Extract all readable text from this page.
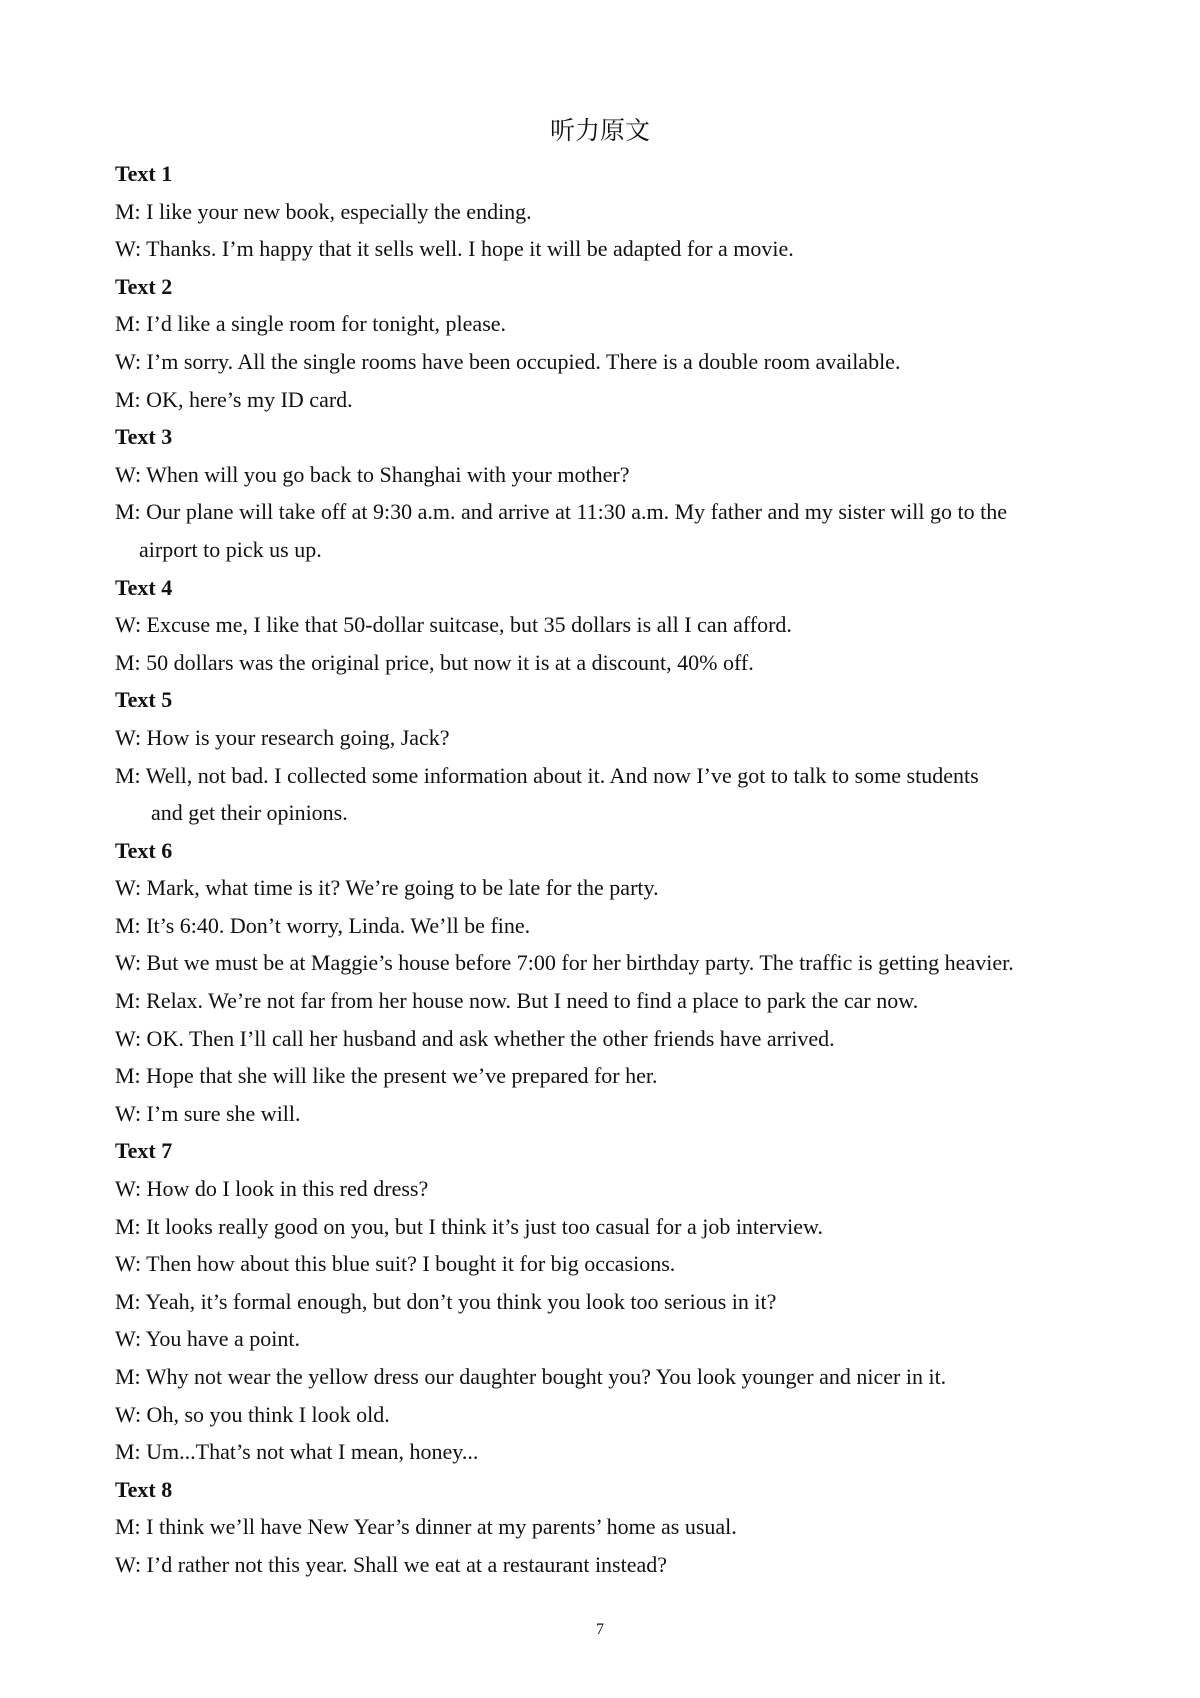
听力原文
Text 1
M: I like your new book, especially the ending.
W: Thanks. I’m happy that it sells well. I hope it will be adapted for a movie.
Text 2
M: I’d like a single room for tonight, please.
W: I’m sorry. All the single rooms have been occupied. There is a double room available.
M: OK, here’s my ID card.
Text 3
W: When will you go back to Shanghai with your mother?
M: Our plane will take off at 9:30 a.m. and arrive at 11:30 a.m. My father and my sister will go to the
airport to pick us up.
Text 4
W: Excuse me, I like that 50-dollar suitcase, but 35 dollars is all I can afford.
M: 50 dollars was the original price, but now it is at a discount, 40% off.
Text 5
W: How is your research going, Jack?
M: Well, not bad. I collected some information about it. And now I’ve got to talk to some students
and get their opinions.
Text 6
W: Mark, what time is it? We’re going to be late for the party.
M: It’s 6:40. Don’t worry, Linda. We’ll be fine.
W: But we must be at Maggie’s house before 7:00 for her birthday party. The traffic is getting heavier.
M: Relax. We’re not far from her house now. But I need to find a place to park the car now.
W: OK. Then I’ll call her husband and ask whether the other friends have arrived.
M: Hope that she will like the present we’ve prepared for her.
W: I’m sure she will.
Text 7
W: How do I look in this red dress?
M: It looks really good on you, but I think it’s just too casual for a job interview.
W: Then how about this blue suit? I bought it for big occasions.
M: Yeah, it’s formal enough, but don’t you think you look too serious in it?
W: You have a point.
M: Why not wear the yellow dress our daughter bought you? You look younger and nicer in it.
W: Oh, so you think I look old.
M: Um...That’s not what I mean, honey...
Text 8
M: I think we’ll have New Year’s dinner at my parents’ home as usual.
W: I’d rather not this year. Shall we eat at a restaurant instead?
7
